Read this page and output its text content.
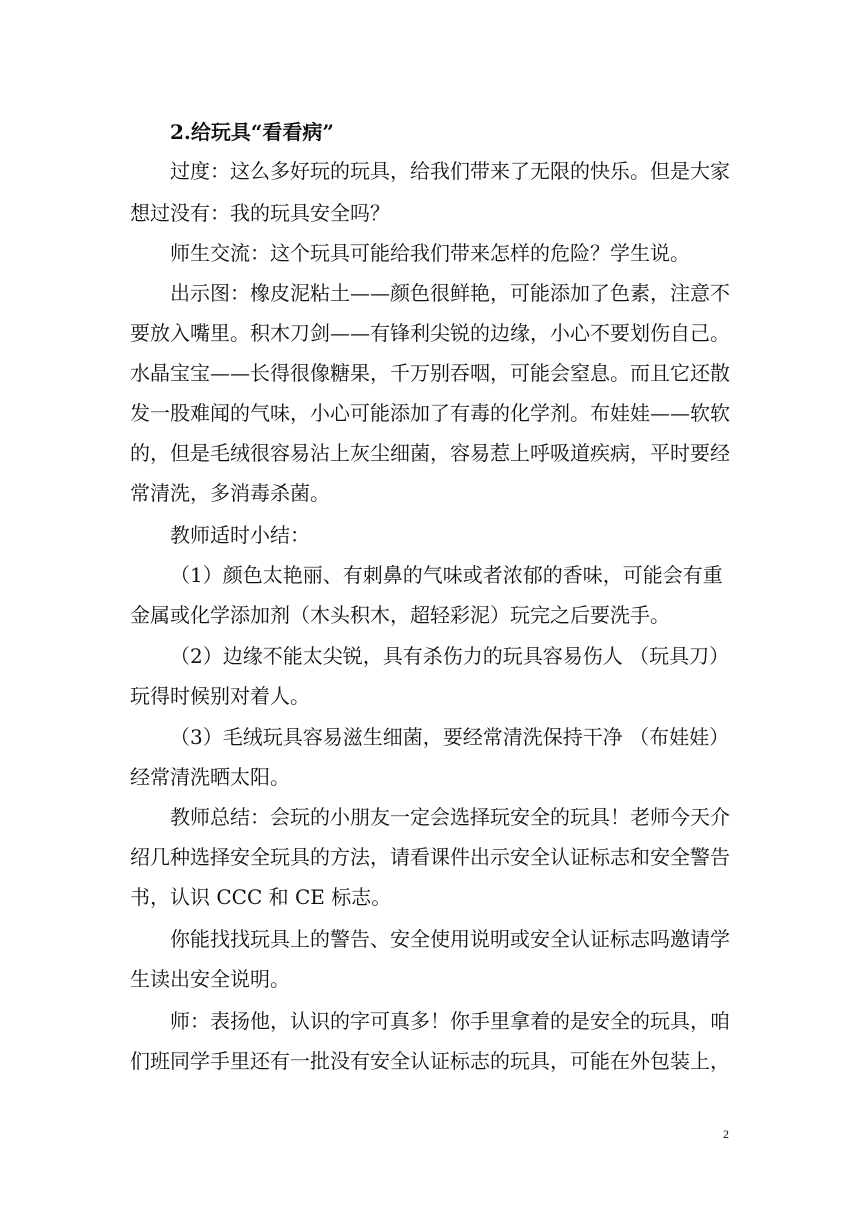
2.给玩具“看看病”
过度：这么多好玩的玩具，给我们带来了无限的快乐。但是大家
想过没有：我的玩具安全吗？
师生交流：这个玩具可能给我们带来怎样的危险？学生说。
出示图：橡皮泥粘土——颜色很鲜艳，可能添加了色素，注意不
要放入嘴里。积木刀剑——有锋利尖锐的边缘，小心不要划伤自己。
水晶宝宝——长得很像糖果，千万别吞咽，可能会窒息。而且它还散
发一股难闻的气味，小心可能添加了有毒的化学剂。布娃娃——软软
的，但是毛绒很容易沾上灰尘细菌，容易惹上呼吸道疾病，平时要经
常清洗，多消毒杀菌。
教师适时小结：
（1）颜色太艳丽、有刺鼻的气味或者浓郁的香味，可能会有重
金属或化学添加剂（木头积木，超轻彩泥）玩完之后要洗手。
（2）边缘不能太尖锐，具有杀伤力的玩具容易伤人 （玩具刀）
玩得时候别对着人。
（3）毛绒玩具容易滋生细菌，要经常清洗保持干净 （布娃娃）
经常清洗晒太阳。
教师总结：会玩的小朋友一定会选择玩安全的玩具！老师今天介
绍几种选择安全玩具的方法，请看课件出示安全认证标志和安全警告
书，认识 CCC 和 CE 标志。
你能找找玩具上的警告、安全使用说明或安全认证标志吗邀请学
生读出安全说明。
师：表扬他，认识的字可真多！你手里拿着的是安全的玩具，咱
们班同学手里还有一批没有安全认证标志的玩具，可能在外包装上，
2
